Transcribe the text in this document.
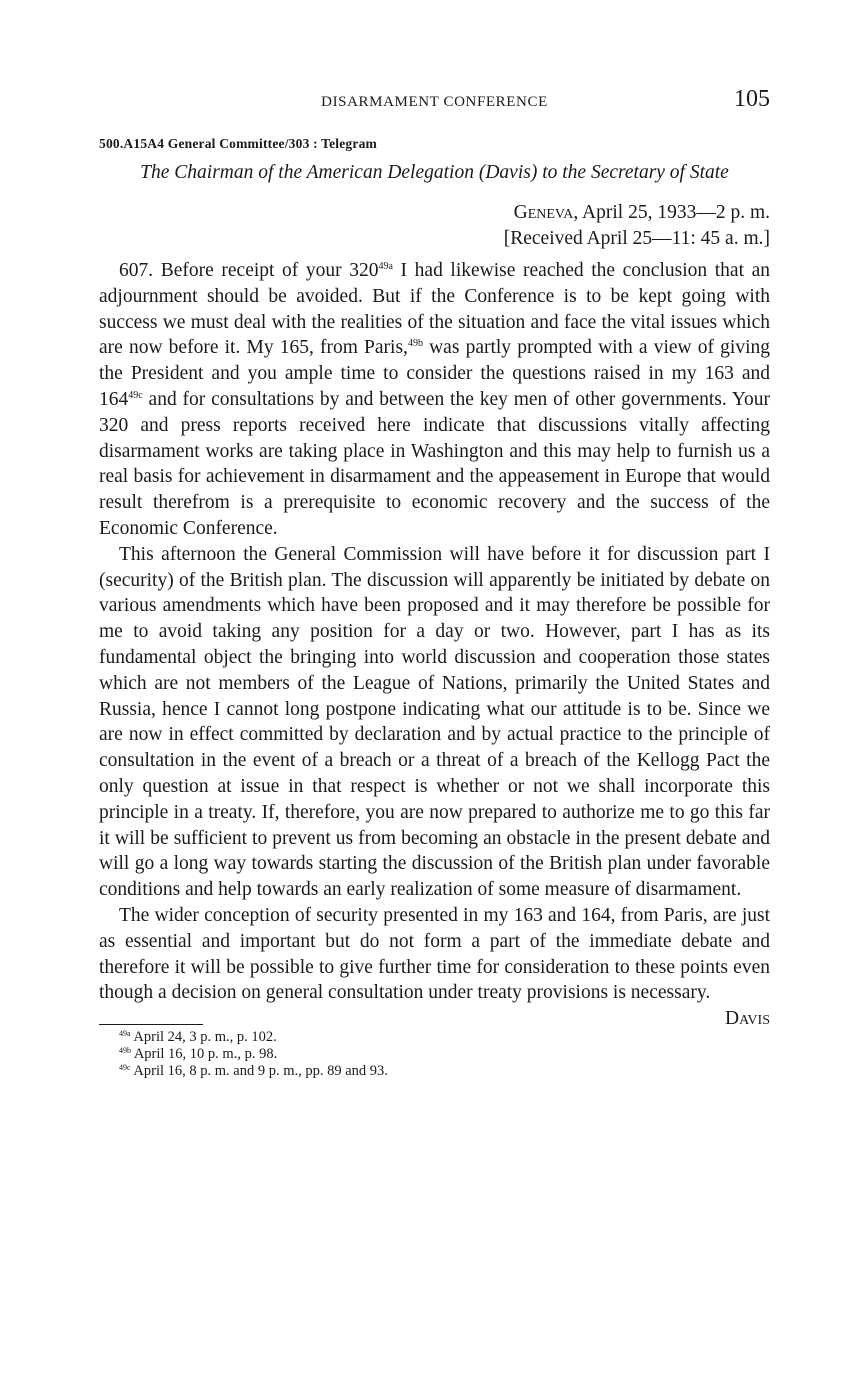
DISARMAMENT CONFERENCE	105
500.A15A4 General Committee/303 : Telegram
The Chairman of the American Delegation (Davis) to the Secretary of State
Geneva, April 25, 1933—2 p. m.
[Received April 25—11: 45 a. m.]

607. Before receipt of your $320^{49a}$ I had likewise reached the conclusion that an adjournment should be avoided. But if the Conference is to be kept going with success we must deal with the realities of the situation and face the vital issues which are now before it. My 165, from Paris,$^{49b}$ was partly prompted with a view of giving the President and you ample time to consider the questions raised in my 163 and $164^{49c}$ and for consultations by and between the key men of other governments. Your 320 and press reports received here indicate that discussions vitally affecting disarmament works are taking place in Washington and this may help to furnish us a real basis for achievement in disarmament and the appeasement in Europe that would result therefrom is a prerequisite to economic recovery and the success of the Economic Conference.

This afternoon the General Commission will have before it for discussion part I (security) of the British plan. The discussion will apparently be initiated by debate on various amendments which have been proposed and it may therefore be possible for me to avoid taking any position for a day or two. However, part I has as its fundamental object the bringing into world discussion and cooperation those states which are not members of the League of Nations, primarily the United States and Russia, hence I cannot long postpone indicating what our attitude is to be. Since we are now in effect committed by declaration and by actual practice to the principle of consultation in the event of a breach or a threat of a breach of the Kellogg Pact the only question at issue in that respect is whether or not we shall incorporate this principle in a treaty. If, therefore, you are now prepared to authorize me to go this far it will be sufficient to prevent us from becoming an obstacle in the present debate and will go a long way towards starting the discussion of the British plan under favorable conditions and help towards an early realization of some measure of disarmament.

The wider conception of security presented in my 163 and 164, from Paris, are just as essential and important but do not form a part of the immediate debate and therefore it will be possible to give further time for consideration to these points even though a decision on general consultation under treaty provisions is necessary.
Davis

$^{49a}$ April 24, 3 p. m., p. 102.
$^{49b}$ April 16, 10 p. m., p. 98.
$^{49c}$ April 16, 8 p. m. and 9 p. m., pp. 89 and 93.
